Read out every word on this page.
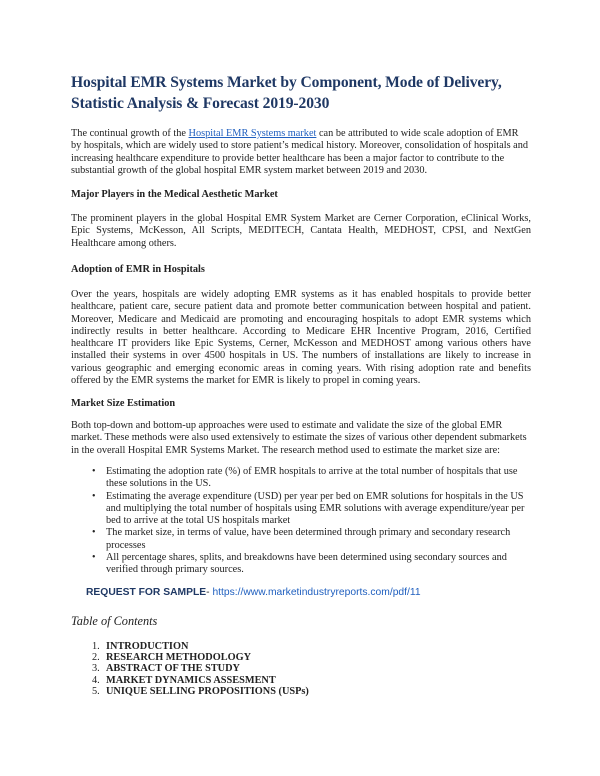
Hospital EMR Systems Market by Component, Mode of Delivery, Statistic Analysis & Forecast 2019-2030

The continual growth of the Hospital EMR Systems market can be attributed to wide scale adoption of EMR by hospitals, which are widely used to store patient’s medical history. Moreover, consolidation of hospitals and increasing healthcare expenditure to provide better healthcare has been a major factor to contribute to the substantial growth of the global hospital EMR system market between 2019 and 2030.

Major Players in the Medical Aesthetic Market

The prominent players in the global Hospital EMR System Market are Cerner Corporation, eClinical Works, Epic Systems, McKesson, All Scripts, MEDITECH, Cantata Health, MEDHOST, CPSI, and NextGen Healthcare among others.

Adoption of EMR in Hospitals

Over the years, hospitals are widely adopting EMR systems as it has enabled hospitals to provide better healthcare, patient care, secure patient data and promote better communication between hospital and patient. Moreover, Medicare and Medicaid are promoting and encouraging hospitals to adopt EMR systems which indirectly results in better healthcare. According to Medicare EHR Incentive Program, 2016, Certified healthcare IT providers like Epic Systems, Cerner, McKesson and MEDHOST among various others have installed their systems in over 4500 hospitals in US. The numbers of installations are likely to increase in various geographic and emerging economic areas in coming years. With rising adoption rate and benefits offered by the EMR systems the market for EMR is likely to propel in coming years.

Market Size Estimation

Both top-down and bottom-up approaches were used to estimate and validate the size of the global EMR market. These methods were also used extensively to estimate the sizes of various other dependent submarkets in the overall Hospital EMR Systems Market. The research method used to estimate the market size are:

• Estimating the adoption rate (%) of EMR hospitals to arrive at the total number of hospitals that use these solutions in the US.
• Estimating the average expenditure (USD) per year per bed on EMR solutions for hospitals in the US and multiplying the total number of hospitals using EMR solutions with average expenditure/year per bed to arrive at the total US hospitals market
• The market size, in terms of value, have been determined through primary and secondary research processes
• All percentage shares, splits, and breakdowns have been determined using secondary sources and verified through primary sources.
REQUEST FOR SAMPLE- https://www.marketindustryreports.com/pdf/11
Table of Contents
1. INTRODUCTION
2. RESEARCH METHODOLOGY
3. ABSTRACT OF THE STUDY
4. MARKET DYNAMICS ASSESMENT
5. UNIQUE SELLING PROPOSITIONS (USPs)
